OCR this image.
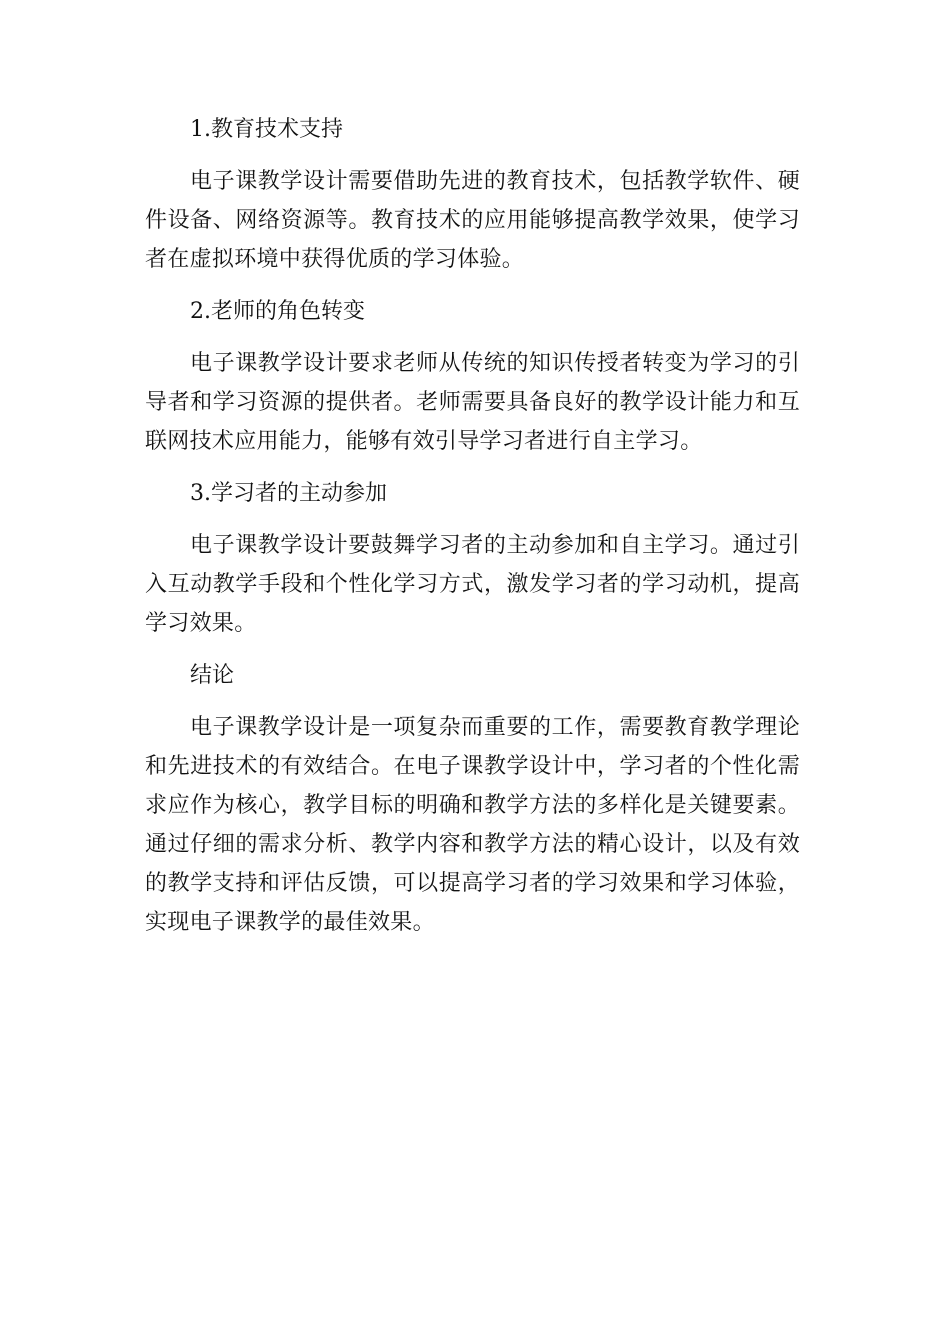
1.教育技术支持

电子课教学设计需要借助先进的教育技术，包括教学软件、硬件设备、网络资源等。教育技术的应用能够提高教学效果，使学习者在虚拟环境中获得优质的学习体验。

2.老师的角色转变

电子课教学设计要求老师从传统的知识传授者转变为学习的引导者和学习资源的提供者。老师需要具备良好的教学设计能力和互联网技术应用能力，能够有效引导学习者进行自主学习。

3.学习者的主动参加

电子课教学设计要鼓舞学习者的主动参加和自主学习。通过引入互动教学手段和个性化学习方式，激发学习者的学习动机，提高学习效果。

结论

电子课教学设计是一项复杂而重要的工作，需要教育教学理论和先进技术的有效结合。在电子课教学设计中，学习者的个性化需求应作为核心，教学目标的明确和教学方法的多样化是关键要素。通过仔细的需求分析、教学内容和教学方法的精心设计，以及有效的教学支持和评估反馈，可以提高学习者的学习效果和学习体验，实现电子课教学的最佳效果。
